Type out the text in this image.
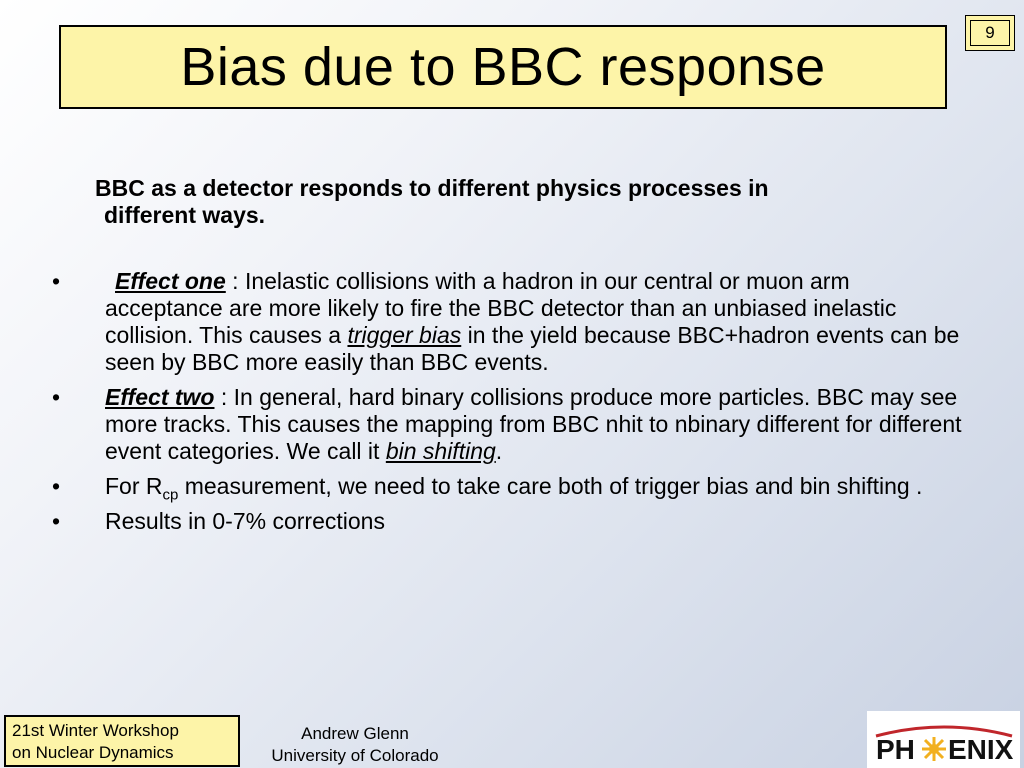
Bias due to BBC response
9
BBC as a detector responds to different physics processes in
different ways.
• Effect one : Inelastic collisions with a hadron in our central or muon arm acceptance are more likely to fire the BBC detector than an unbiased inelastic collision. This causes a trigger bias in the yield because BBC+hadron events can be seen by BBC more easily than BBC events.
• Effect two : In general, hard binary collisions produce more particles. BBC may see more tracks. This causes the mapping from BBC nhit to nbinary different for different event categories. We call it bin shifting.
• For $R_{cp}$ measurement, we need to take care both of trigger bias and bin shifting .
• Results in 0-7% corrections
21st Winter Workshop
on Nuclear Dynamics
Andrew Glenn
University of Colorado	PH ENIX
